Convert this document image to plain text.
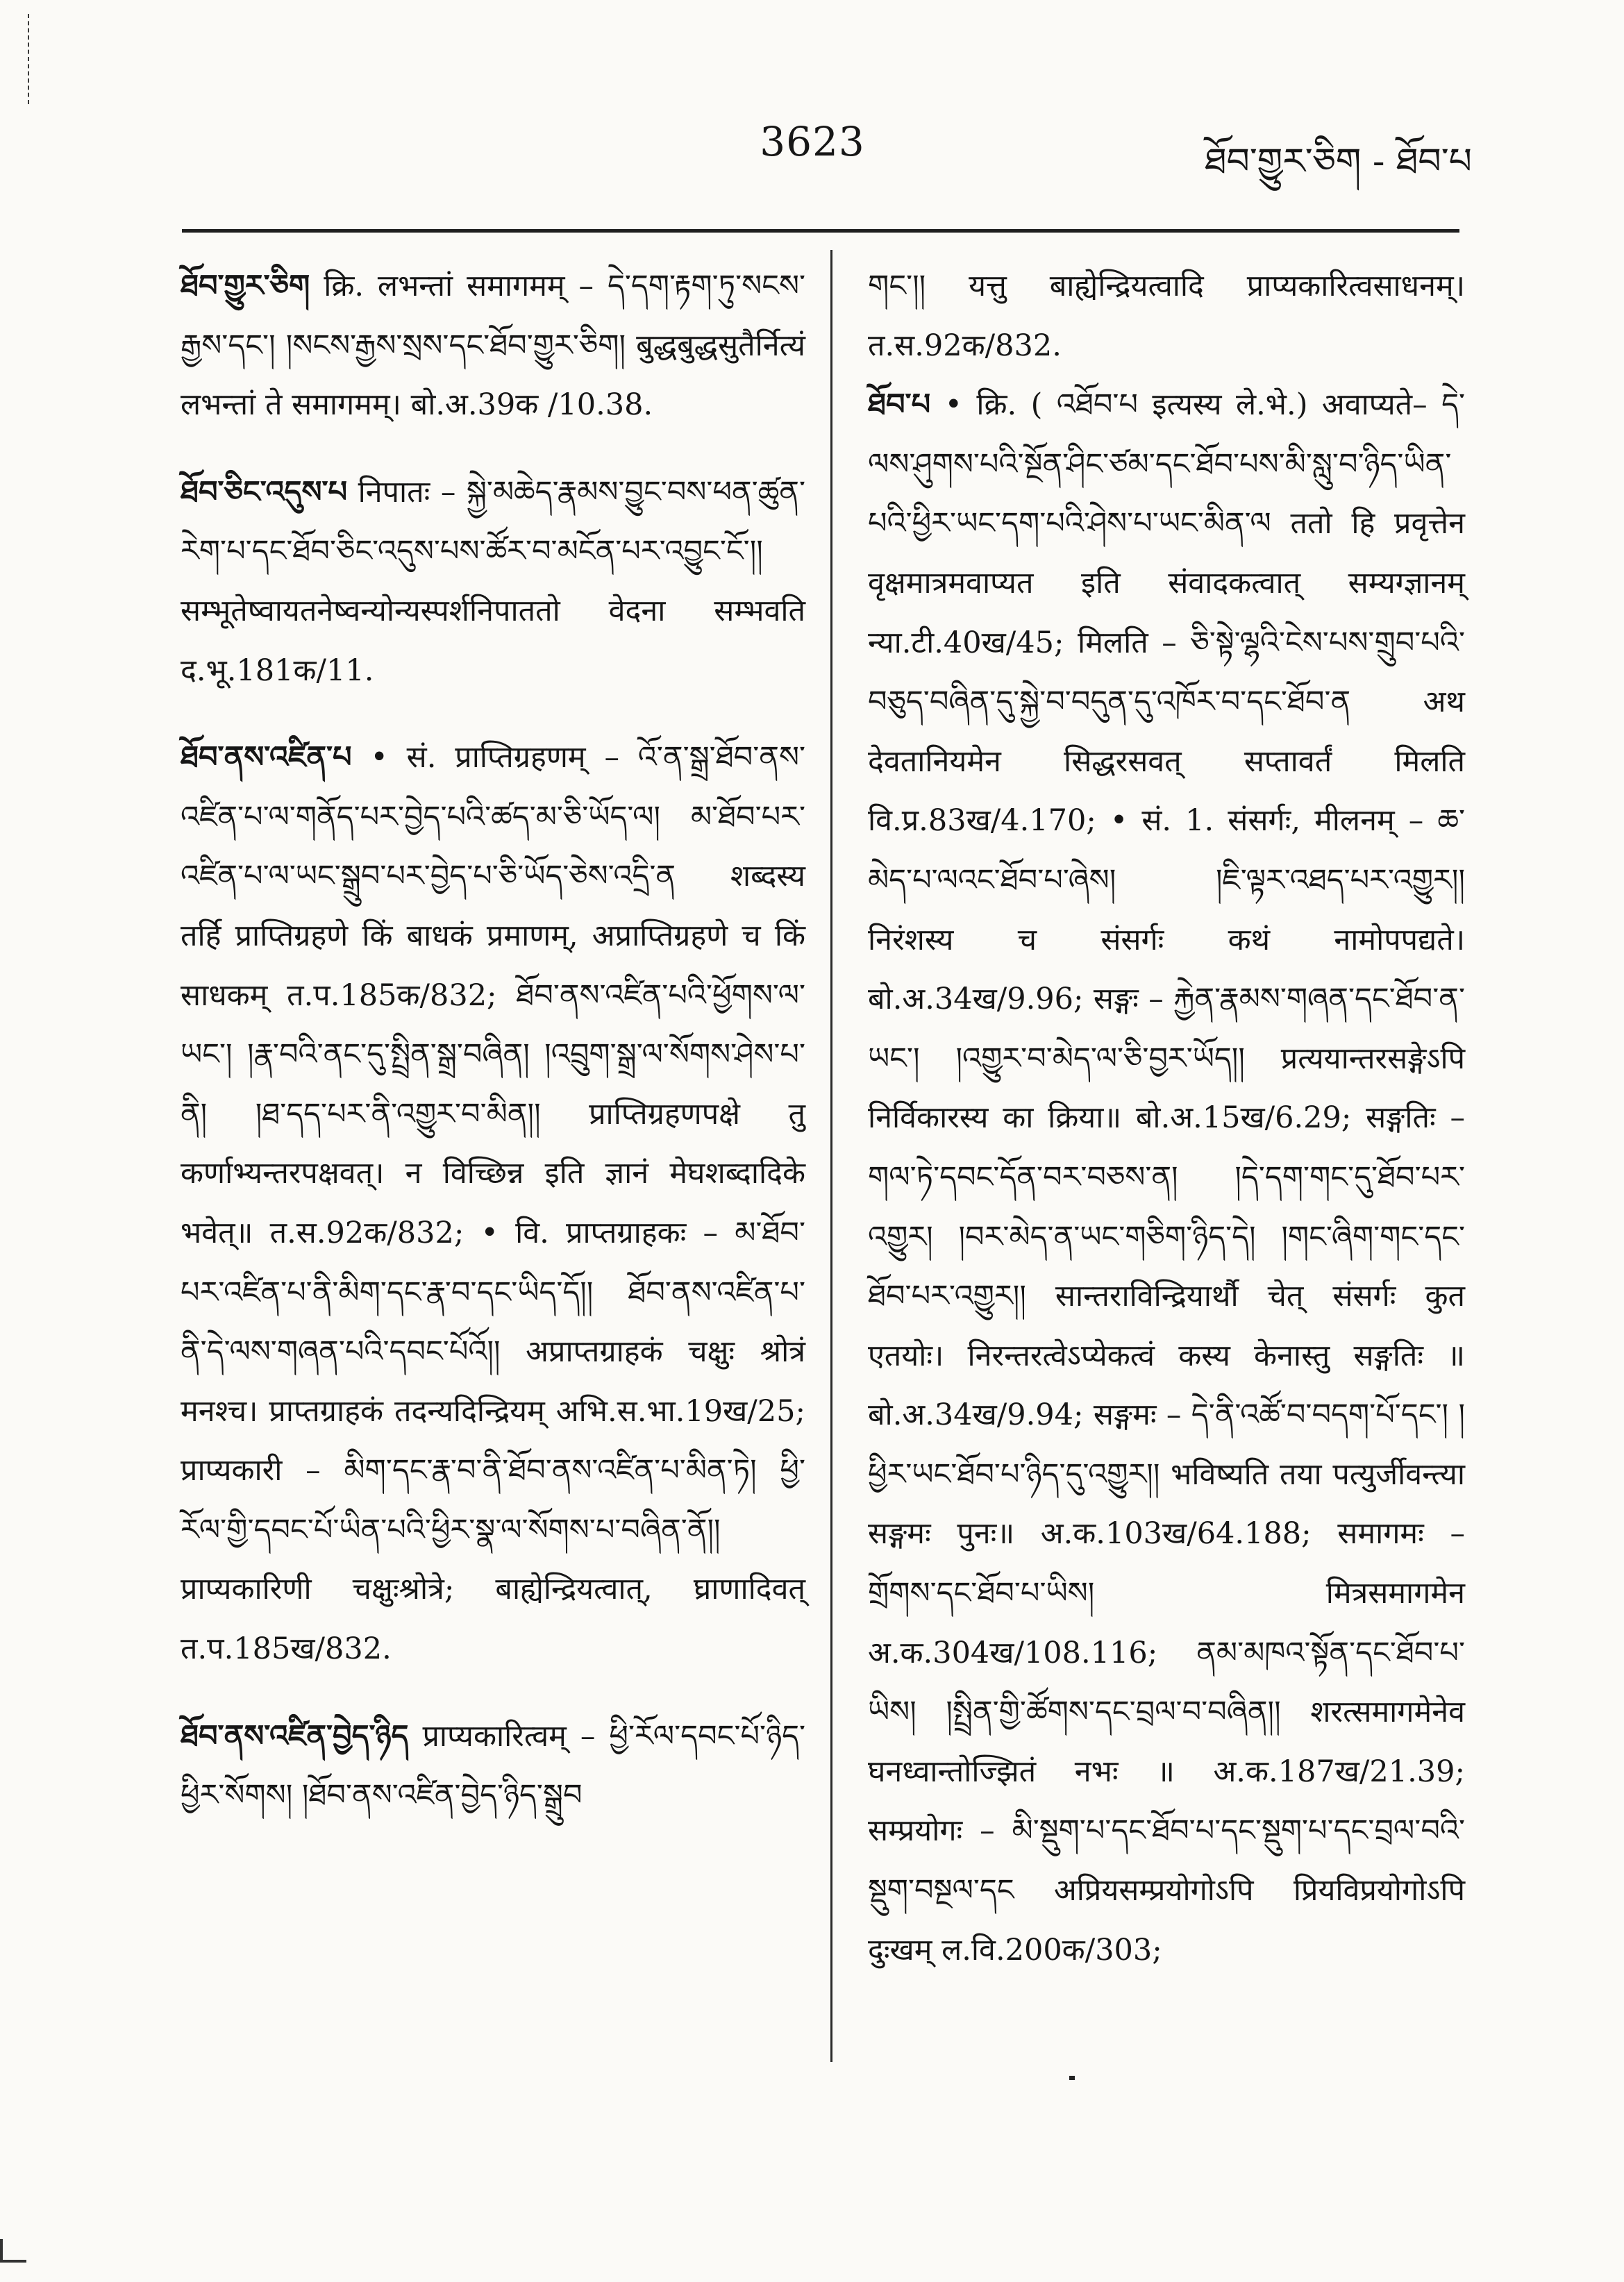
3623	ཐོབ་གྱུར་ཅིག - ཐོབ་པ

ཐོབ་གྱུར་ཅིག क्रि. लभन्तां समागमम् – དེ་དག་རྟག་ཏུ་སངས་རྒྱས་དང་། །སངས་རྒྱས་སྲས་དང་ཐོབ་གྱུར་ཅིག། बुद्धबुद्धसुतैर्नित्यं लभन्तां ते समागमम्। बो.अ.39क /10.38.

ཐོབ་ཅིང་འདུས་པ निपातः – སྐྱེ་མཆེད་རྣམས་བྱུང་བས་ཕན་ཚུན་རེག་པ་དང་ཐོབ་ཅིང་འདུས་པས་ཚོར་བ་མངོན་པར་འབྱུང་ངོ་།། सम्भूतेष्वायतनेष्वन्योन्यस्पर्शनिपाततो वेदना सम्भवति द.भू.181क/11.

ཐོབ་ནས་འཛིན་པ • सं. प्राप्तिग्रहणम् – འོ་ན་སྒྲ་ཐོབ་ནས་འཛིན་པ་ལ་གནོད་པར་བྱེད་པའི་ཚད་མ་ཅི་ཡོད་ལ། མ་ཐོབ་པར་འཛིན་པ་ལ་ཡང་སྒྲུབ་པར་བྱེད་པ་ཅི་ཡོད་ཅེས་འདྲི་ན शब्दस्य तर्हि प्राप्तिग्रहणे किं बाधकं प्रमाणम्, अप्राप्तिग्रहणे च किं साधकम् त.प.185क/832; ཐོབ་ནས་འཛིན་པའི་ཕྱོགས་ལ་ཡང་། །རྣ་བའི་ནང་དུ་སྤྲིན་སྒྲ་བཞིན། །འབྲུག་སྒྲ་ལ་སོགས་ཤེས་པ་ནི། །ཐ་དད་པར་ནི་འགྱུར་བ་མིན།། प्राप्तिग्रहणपक्षे तु कर्णाभ्यन्तरपक्षवत्। न विच्छिन्न इति ज्ञानं मेघशब्दादिके भवेत्॥ त.स.92क/832; • वि. प्राप्तग्राहकः – མ་ཐོབ་པར་འཛིན་པ་ནི་མིག་དང་རྣ་བ་དང་ཡིད་དོ།། ཐོབ་ནས་འཛིན་པ་ནི་དེ་ལས་གཞན་པའི་དབང་པོའོ།། अप्राप्तग्राहकं चक्षुः श्रोत्रं मनश्च। प्राप्तग्राहकं तदन्यदिन्द्रियम् अभि.स.भा.19ख/25; प्राप्यकारी – མིག་དང་རྣ་བ་ནི་ཐོབ་ནས་འཛིན་པ་མིན་ཏེ། ཕྱི་རོལ་གྱི་དབང་པོ་ཡིན་པའི་ཕྱིར་སྣ་ལ་སོགས་པ་བཞིན་ནོ།། प्राप्यकारिणी चक्षुःश्रोत्रे; बाह्येन्द्रियत्वात्, घ्राणादिवत् त.प.185ख/832.

ཐོབ་ནས་འཛིན་བྱེད་ཉིད प्राप्यकारित्वम् – ཕྱི་རོལ་དབང་པོ་ཉིད་ཕྱིར་སོགས། །ཐོབ་ནས་འཛིན་བྱེད་ཉིད་སྒྲུབ

གང་།། यत्तु बाह्येन्द्रियत्वादि प्राप्यकारित्वसाधनम्। त.स.92क/832.

ཐོབ་པ • क्रि. ( འཐོབ་པ इत्यस्य ले.भे.) अवाप्यते– དེ་ལས་ཤུགས་པའི་སྔོན་ཤིང་ཙམ་དང་ཐོབ་པས་མི་སླུ་བ་ཉིད་ཡིན་པའི་ཕྱིར་ཡང་དག་པའི་ཤེས་པ་ཡང་མིན་ལ ततो हि प्रवृत्तेन वृक्षमात्रमवाप्यत इति संवादकत्वात् सम्यग्ज्ञानम् न्या.टी.40ख/45; मिलति – ཅི་སྟེ་ལྷའི་ངེས་པས་གྲུབ་པའི་བཅུད་བཞིན་དུ་སྐྱེ་བ་བདུན་དུ་འཁོར་བ་དང་ཐོབ་ན अथ देवतानियमेन सिद्धरसवत् सप्तावर्तं मिलति वि.प्र.83ख/4.170; • सं. 1. संसर्गः, मीलनम् – ཆ་མེད་པ་ལའང་ཐོབ་པ་ཞེས། །ཇི་ལྟར་འཐད་པར་འགྱུར།། निरंशस्य च संसर्गः कथं नामोपपद्यते। बो.अ.34ख/9.96; सङ्गः – རྐྱེན་རྣམས་གཞན་དང་ཐོབ་ན་ཡང་། །འགྱུར་བ་མེད་ལ་ཅི་བྱར་ཡོད།། प्रत्ययान्तरसङ्गेऽपि निर्विकारस्य का क्रिया॥ बो.अ.15ख/6.29; सङ्गतिः – གལ་ཏེ་དབང་དོན་བར་བཅས་ན། །དེ་དག་གང་དུ་ཐོབ་པར་འགྱུར། །བར་མེད་ན་ཡང་གཅིག་ཉིད་དེ། །གང་ཞིག་གང་དང་ཐོབ་པར་འགྱུར།། सान्तराविन्द्रियार्थौ चेत् संसर्गः कुत एतयोः। निरन्तरत्वेऽप्येकत्वं कस्य केनास्तु सङ्गतिः ॥ बो.अ.34ख/9.94; सङ्गमः – དེ་ནི་འཚོ་བ་བདག་པོ་དང་། །ཕྱིར་ཡང་ཐོབ་པ་ཉིད་དུ་འགྱུར།། भविष्यति तया पत्युर्जीवन्त्या सङ्गमः पुनः॥ अ.क.103ख/64.188; समागमः – གྲོགས་དང་ཐོབ་པ་ཡིས། मित्रसमागमेन अ.क.304ख/108.116; ནམ་མཁའ་སྟོན་དང་ཐོབ་པ་ཡིས། །སྤྲིན་གྱི་ཚོགས་དང་བྲལ་བ་བཞིན།། शरत्समागमेनेव घनध्वान्तोज्झितं नभः ॥ अ.क.187ख/21.39; सम्प्रयोगः – མི་སྡུག་པ་དང་ཐོབ་པ་དང་སྡུག་པ་དང་བྲལ་བའི་སྡུག་བསྔལ་དང अप्रियसम्प्रयोगोऽपि प्रियविप्रयोगोऽपि दुःखम् ल.वि.200क/303;
